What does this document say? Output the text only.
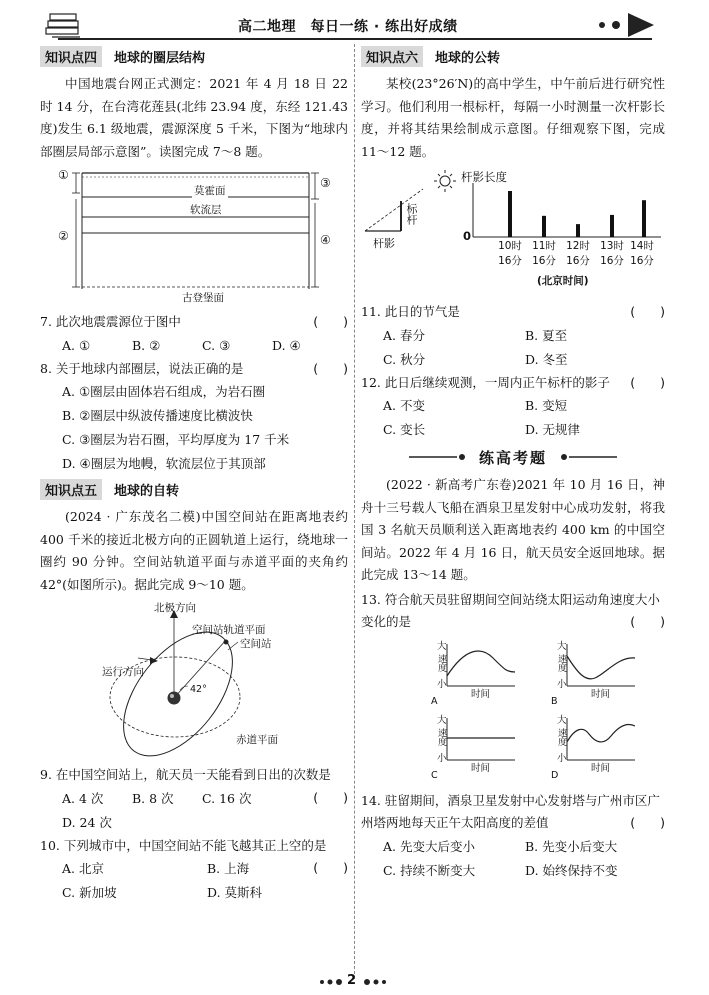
高二地理　每日一练 · 练出好成绩
知识点四	地球的圈层结构

中国地震台网正式测定：2021 年 4 月 18 日 22 时 14 分，在台湾花莲县(北纬 23.94 度，东经 121.43 度)发生 6.1 级地震，震源深度 5 千米，下图为“地球内部圈层局部示意图”。读图完成 7～8 题。

①
②
③
④
莫霍面
软流层
古登堡面

7. 此次地震震源位于图中	(　　)

A. ①	B. ②	C. ③	D. ④

8. 关于地球内部圈层，说法正确的是	(　　)

A. ①圈层由固体岩石组成，为岩石圈
B. ②圈层中纵波传播速度比横波快
C. ③圈层为岩石圈，平均厚度为 17 千米
D. ④圈层为地幔，软流层位于其顶部
知识点五	地球的自转

(2024 · 广东茂名二模)中国空间站在距离地表约 400 千米的接近北极方向的正圆轨道上运行，绕地球一圈约 90 分钟。空间站轨道平面与赤道平面的夹角约 42°(如图所示)。据此完成 9～10 题。

北极方向
空间站轨道平面
空间站
运行方向
42°
赤道平面

9. 在中国空间站上，航天员一天能看到日出的次数是
(　　)

A. 4 次	B. 8 次	C. 16 次
D. 24 次

10. 下列城市中，中国空间站不能飞越其正上空的是
(　　)

A. 北京	B. 上海
C. 新加坡	D. 莫斯科
知识点六	地球的公转

某校(23°26′N)的高中学生，中午前后进行研究性学习。他们利用一根标杆，每隔一小时测量一次杆影长度，并将其结果绘制成示意图。仔细观察下图，完成 11～12 题。

杆影长度
标杆
杆影
0
10时
16分
11时
16分
12时
16分
13时
16分
14时
16分
(北京时间)

11. 此日的节气是	(　　)

A. 春分	B. 夏至
C. 秋分	D. 冬至

12. 此日后继续观测，一周内正午标杆的影子 (　　)

A. 不变	B. 变短
C. 变长	D. 无规律
练高考题

(2022 · 新高考广东卷)2021 年 10 月 16 日，神舟十三号载人飞船在酒泉卫星发射中心成功发射，将我国 3 名航天员顺利送入距离地表约 400 km 的中国空间站。2022 年 4 月 16 日，航天员安全返回地球。据此完成 13～14 题。

13. 符合航天员驻留期间空间站绕太阳运动角速度大小变化的是	(　　)

大
速度
小
时间
A
大
速度
小
时间
B
大
速度
小
时间
C
大
速度
小
时间
D

14. 驻留期间，酒泉卫星发射中心发射塔与广州市区广州塔两地每天正午太阳高度的差值	(　　)

A. 先变大后变小	B. 先变小后变大
C. 持续不断变大	D. 始终保持不变
2
